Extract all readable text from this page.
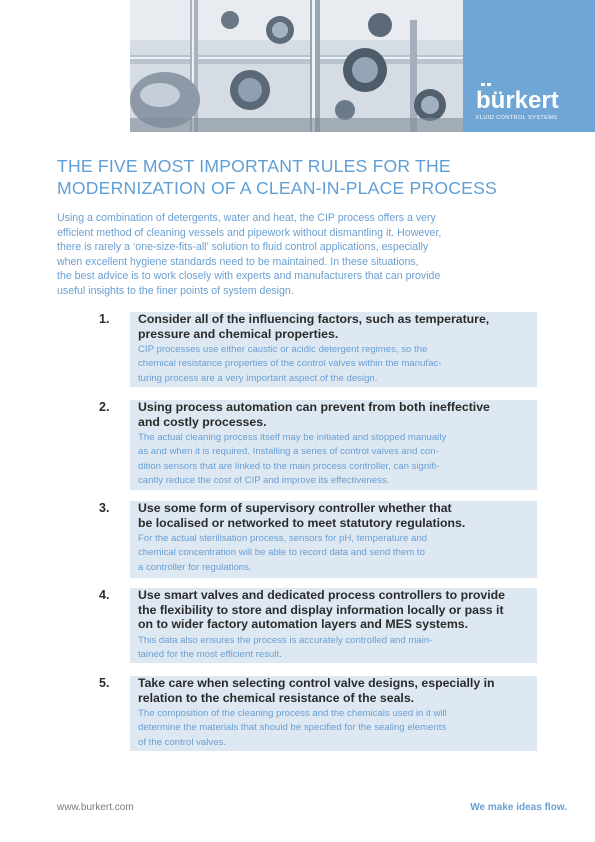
bürkert
FLUID CONTROL SYSTEMS
THE FIVE MOST IMPORTANT RULES FOR THE
MODERNIZATION OF A CLEAN-IN-PLACE PROCESS

Using a combination of detergents, water and heat, the CIP process offers a very
efficient method of cleaning vessels and pipework without dismantling it. However,
there is rarely a ‘one-size-fits-all’ solution to fluid control applications, especially
when excellent hygiene standards need to be maintained. In these situations,
the best advice is to work closely with experts and manufacturers that can provide
useful insights to the finer points of system design.

1.	Consider all of the influencing factors, such as temperature,
pressure and chemical properties.

CIP processes use either caustic or acidic detergent regimes, so the
chemical resistance properties of the control valves within the manufac-
turing process are a very important aspect of the design.

2.	Using process automation can prevent from both ineffective
and costly processes.

The actual cleaning process itself may be initiated and stopped manually
as and when it is required. Installing a series of control valves and con-
dition sensors that are linked to the main process controller, can signifi-
cantly reduce the cost of CIP and improve its effectiveness.

3.	Use some form of supervisory controller whether that
be localised or networked to meet statutory regulations.

For the actual sterilisation process, sensors for pH, temperature and
chemical concentration will be able to record data and send them to
a controller for regulations.

4.	Use smart valves and dedicated process controllers to provide
the flexibility to store and display information locally or pass it
on to wider factory automation layers and MES systems.

This data also ensures the process is accurately controlled and main-
tained for the most efficient result.

5.	Take care when selecting control valve designs, especially in
relation to the chemical resistance of the seals.

The composition of the cleaning process and the chemicals used in it will
determine the materials that should be specified for the sealing elements
of the control valves.

www.burkert.com	We make ideas flow.
